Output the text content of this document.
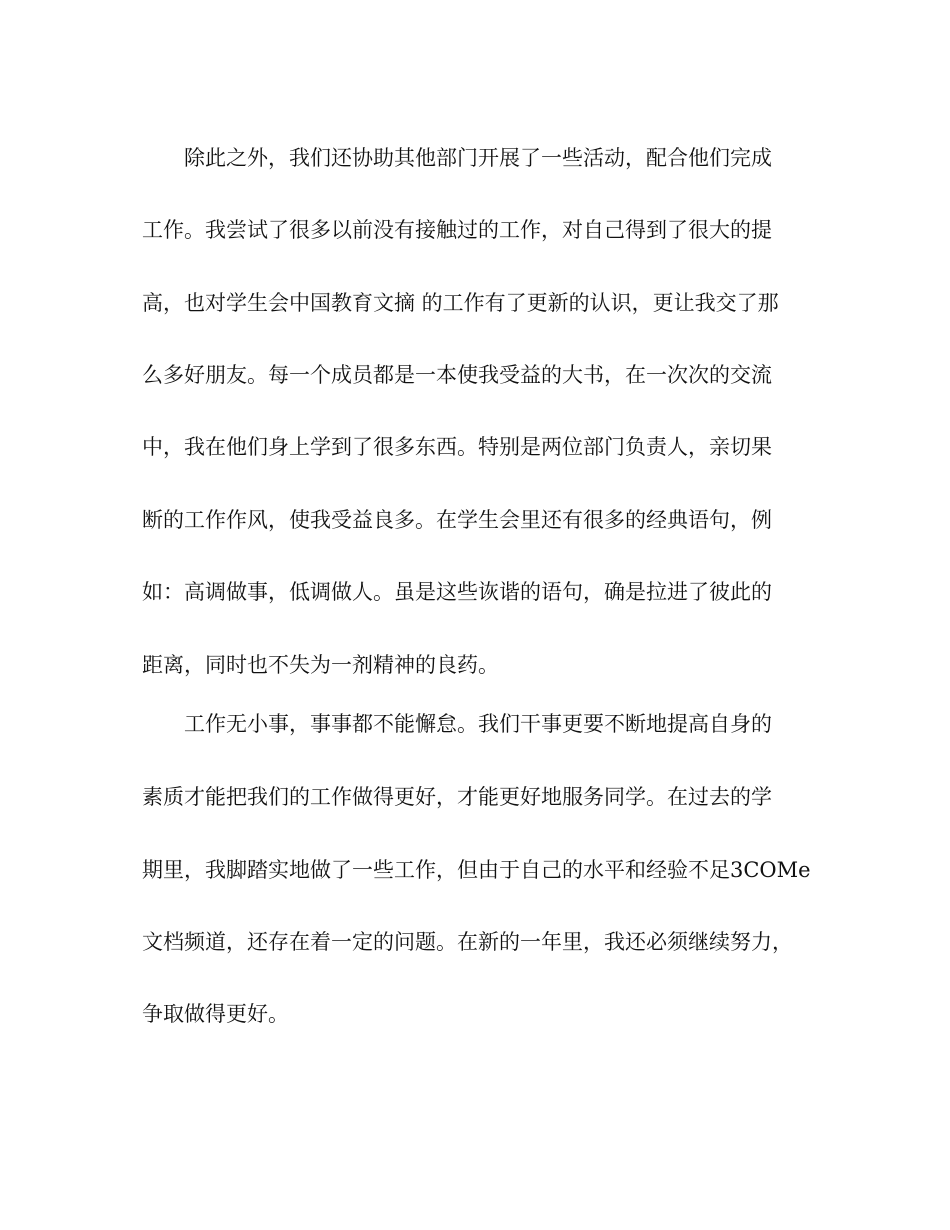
除此之外，我们还协助其他部门开展了一些活动，配合他们完成
工作。我尝试了很多以前没有接触过的工作，对自己得到了很大的提
高，也对学生会中国教育文摘 的工作有了更新的认识，更让我交了那
么多好朋友。每一个成员都是一本使我受益的大书，在一次次的交流
中，我在他们身上学到了很多东西。特别是两位部门负责人，亲切果
断的工作作风，使我受益良多。在学生会里还有很多的经典语句，例
如：高调做事，低调做人。虽是这些诙谐的语句，确是拉进了彼此的
距离，同时也不失为一剂精神的良药。
工作无小事，事事都不能懈怠。我们干事更要不断地提高自身的
素质才能把我们的工作做得更好，才能更好地服务同学。在过去的学
期里，我脚踏实地做了一些工作，但由于自己的水平和经验不足3COMe
文档频道，还存在着一定的问题。在新的一年里，我还必须继续努力，
争取做得更好。
